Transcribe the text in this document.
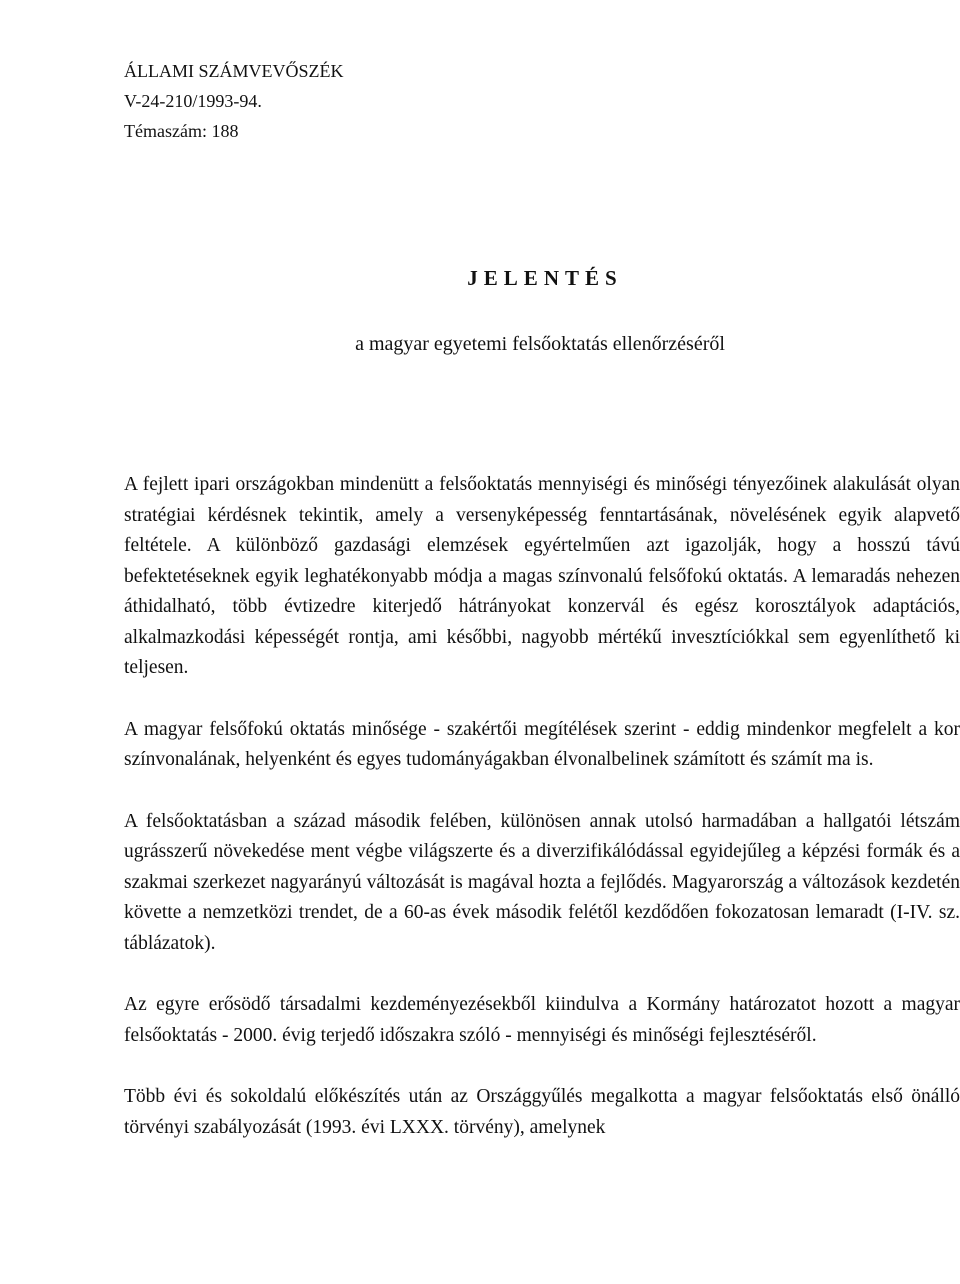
ÁLLAMI SZÁMVEVŐSZÉK
V-24-210/1993-94.
Témaszám: 188
JELENTÉS
a magyar egyetemi felsőoktatás ellenőrzéséről

A fejlett ipari országokban mindenütt a felsőoktatás mennyiségi és minőségi tényezőinek alakulását olyan stratégiai kérdésnek tekintik, amely a versenyképesség fenntartásának, növelésének egyik alapvető feltétele. A különböző gazdasági elemzések egyértelműen azt igazolják, hogy a hosszú távú befektetéseknek egyik leghatékonyabb módja a magas színvonalú felsőfokú oktatás. A lemaradás nehezen áthidalható, több évtizedre kiterjedő hátrányokat konzervál és egész korosztályok adaptációs, alkalmazkodási képességét rontja, ami későbbi, nagyobb mértékű invesztíciókkal sem egyenlíthető ki teljesen.

A magyar felsőfokú oktatás minősége - szakértői megítélések szerint - eddig mindenkor megfelelt a kor színvonalának, helyenként és egyes tudományágakban élvonalbelinek számított és számít ma is.

A felsőoktatásban a század második felében, különösen annak utolsó harmadában a hallgatói létszám ugrásszerű növekedése ment végbe világszerte és a diverzifikálódással egyidejűleg a képzési formák és a szakmai szerkezet nagyarányú változását is magával hozta a fejlődés. Magyarország a változások kezdetén követte a nemzetközi trendet, de a 60-as évek második felétől kezdődően fokozatosan lemaradt (I-IV. sz. táblázatok).

Az egyre erősödő társadalmi kezdeményezésekből kiindulva a Kormány határozatot hozott a magyar felsőoktatás - 2000. évig terjedő időszakra szóló - mennyiségi és minőségi fejlesztéséről.

Több évi és sokoldalú előkészítés után az Országgyűlés megalkotta a magyar felsőoktatás első önálló törvényi szabályozását (1993. évi LXXX. törvény), amelynek
